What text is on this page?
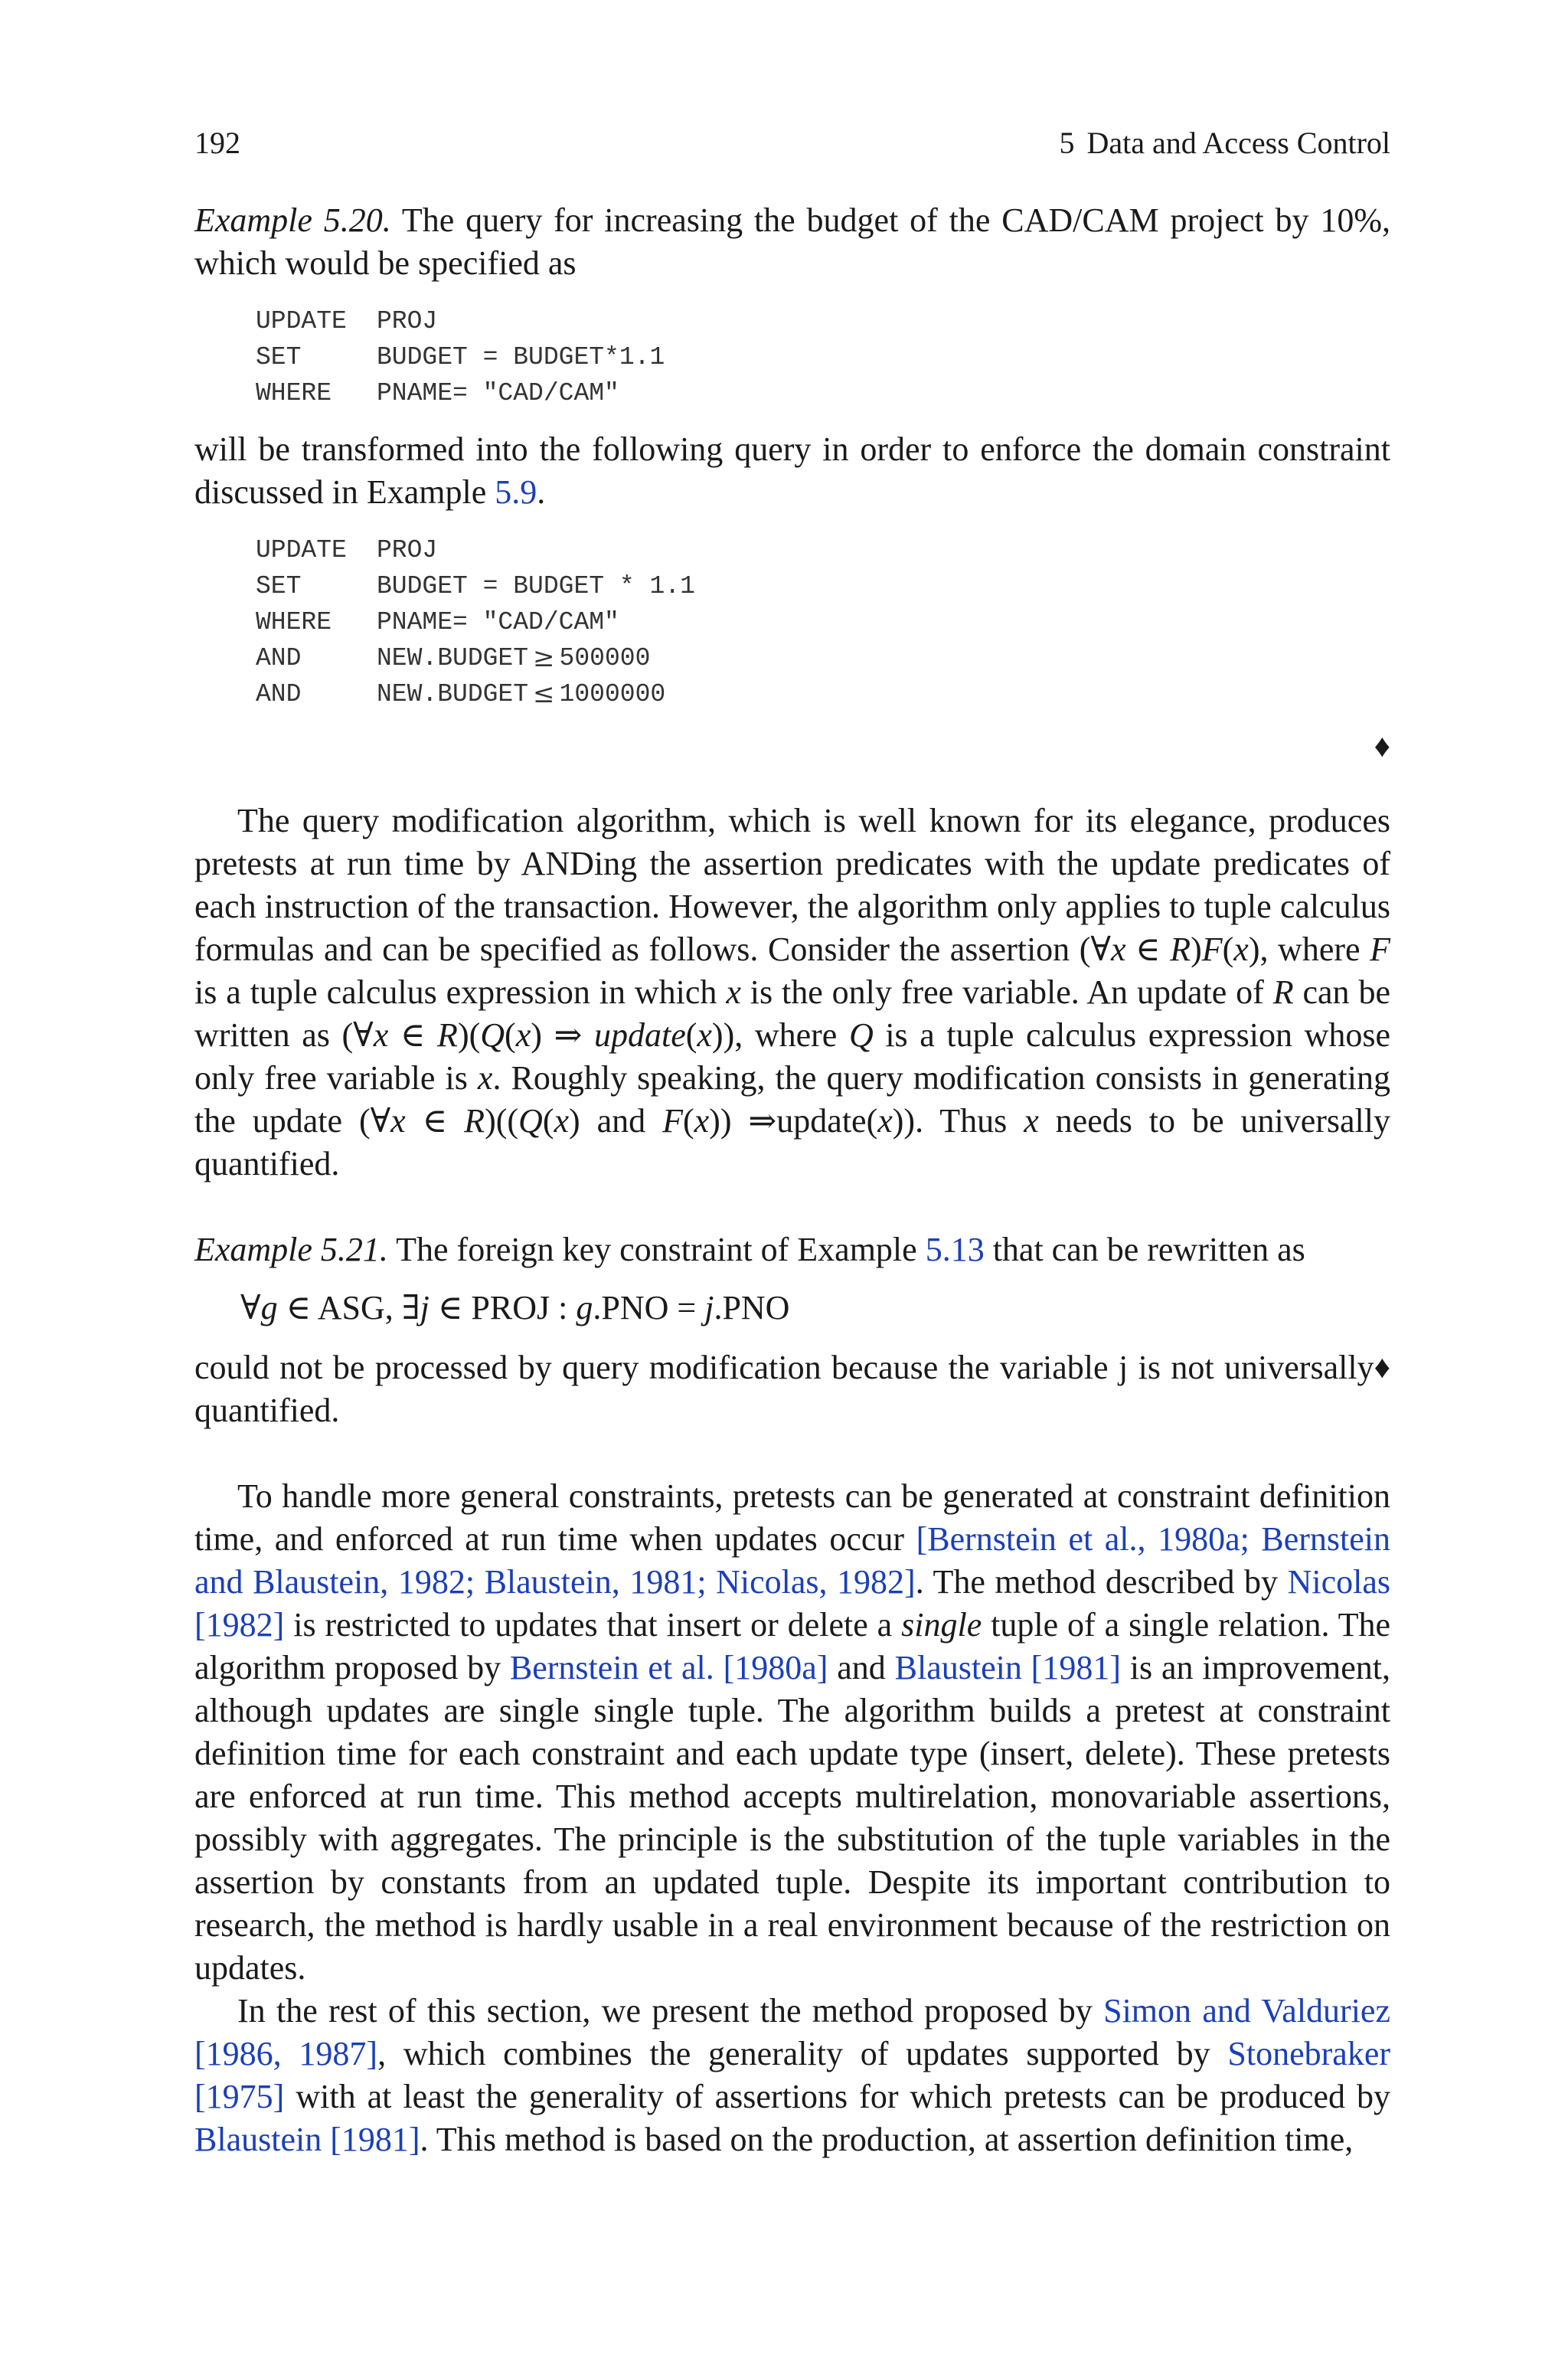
192	5 Data and Access Control

Example 5.20. The query for increasing the budget of the CAD/CAM project by 10%, which would be specified as

UPDATE	PROJ
SET	BUDGET = BUDGET*1.1
WHERE	PNAME= "CAD/CAM"

will be transformed into the following query in order to enforce the domain constraint discussed in Example 5.9.

UPDATE	PROJ
SET	BUDGET = BUDGET * 1.1
WHERE	PNAME= "CAD/CAM"
AND	NEW.BUDGET ≥ 500000
AND	NEW.BUDGET ≤ 1000000
♦

The query modification algorithm, which is well known for its elegance, produces pretests at run time by ANDing the assertion predicates with the update predicates of each instruction of the transaction. However, the algorithm only applies to tuple calculus formulas and can be specified as follows. Consider the assertion (∀x ∈ R)F(x), where F is a tuple calculus expression in which x is the only free variable. An update of R can be written as (∀x ∈ R)(Q(x) ⇒ update(x)), where Q is a tuple calculus expression whose only free variable is x. Roughly speaking, the query modification consists in generating the update (∀x ∈ R)((Q(x) and F(x)) ⇒update(x)). Thus x needs to be universally quantified.

Example 5.21. The foreign key constraint of Example 5.13 that can be rewritten as

∀g ∈ ASG, ∃j ∈ PROJ : g.PNO = j.PNO

♦
could not be processed by query modification because the variable j is not universally quantified.

To handle more general constraints, pretests can be generated at constraint definition time, and enforced at run time when updates occur [Bernstein et al., 1980a; Bernstein and Blaustein, 1982; Blaustein, 1981; Nicolas, 1982]. The method described by Nicolas [1982] is restricted to updates that insert or delete a single tuple of a single relation. The algorithm proposed by Bernstein et al. [1980a] and Blaustein [1981] is an improvement, although updates are single single tuple. The algorithm builds a pretest at constraint definition time for each constraint and each update type (insert, delete). These pretests are enforced at run time. This method accepts multirelation, monovariable assertions, possibly with aggregates. The principle is the substitution of the tuple variables in the assertion by constants from an updated tuple. Despite its important contribution to research, the method is hardly usable in a real environment because of the restriction on updates.

In the rest of this section, we present the method proposed by Simon and Valduriez [1986, 1987], which combines the generality of updates supported by Stonebraker [1975] with at least the generality of assertions for which pretests can be produced by Blaustein [1981]. This method is based on the production, at assertion definition time,
